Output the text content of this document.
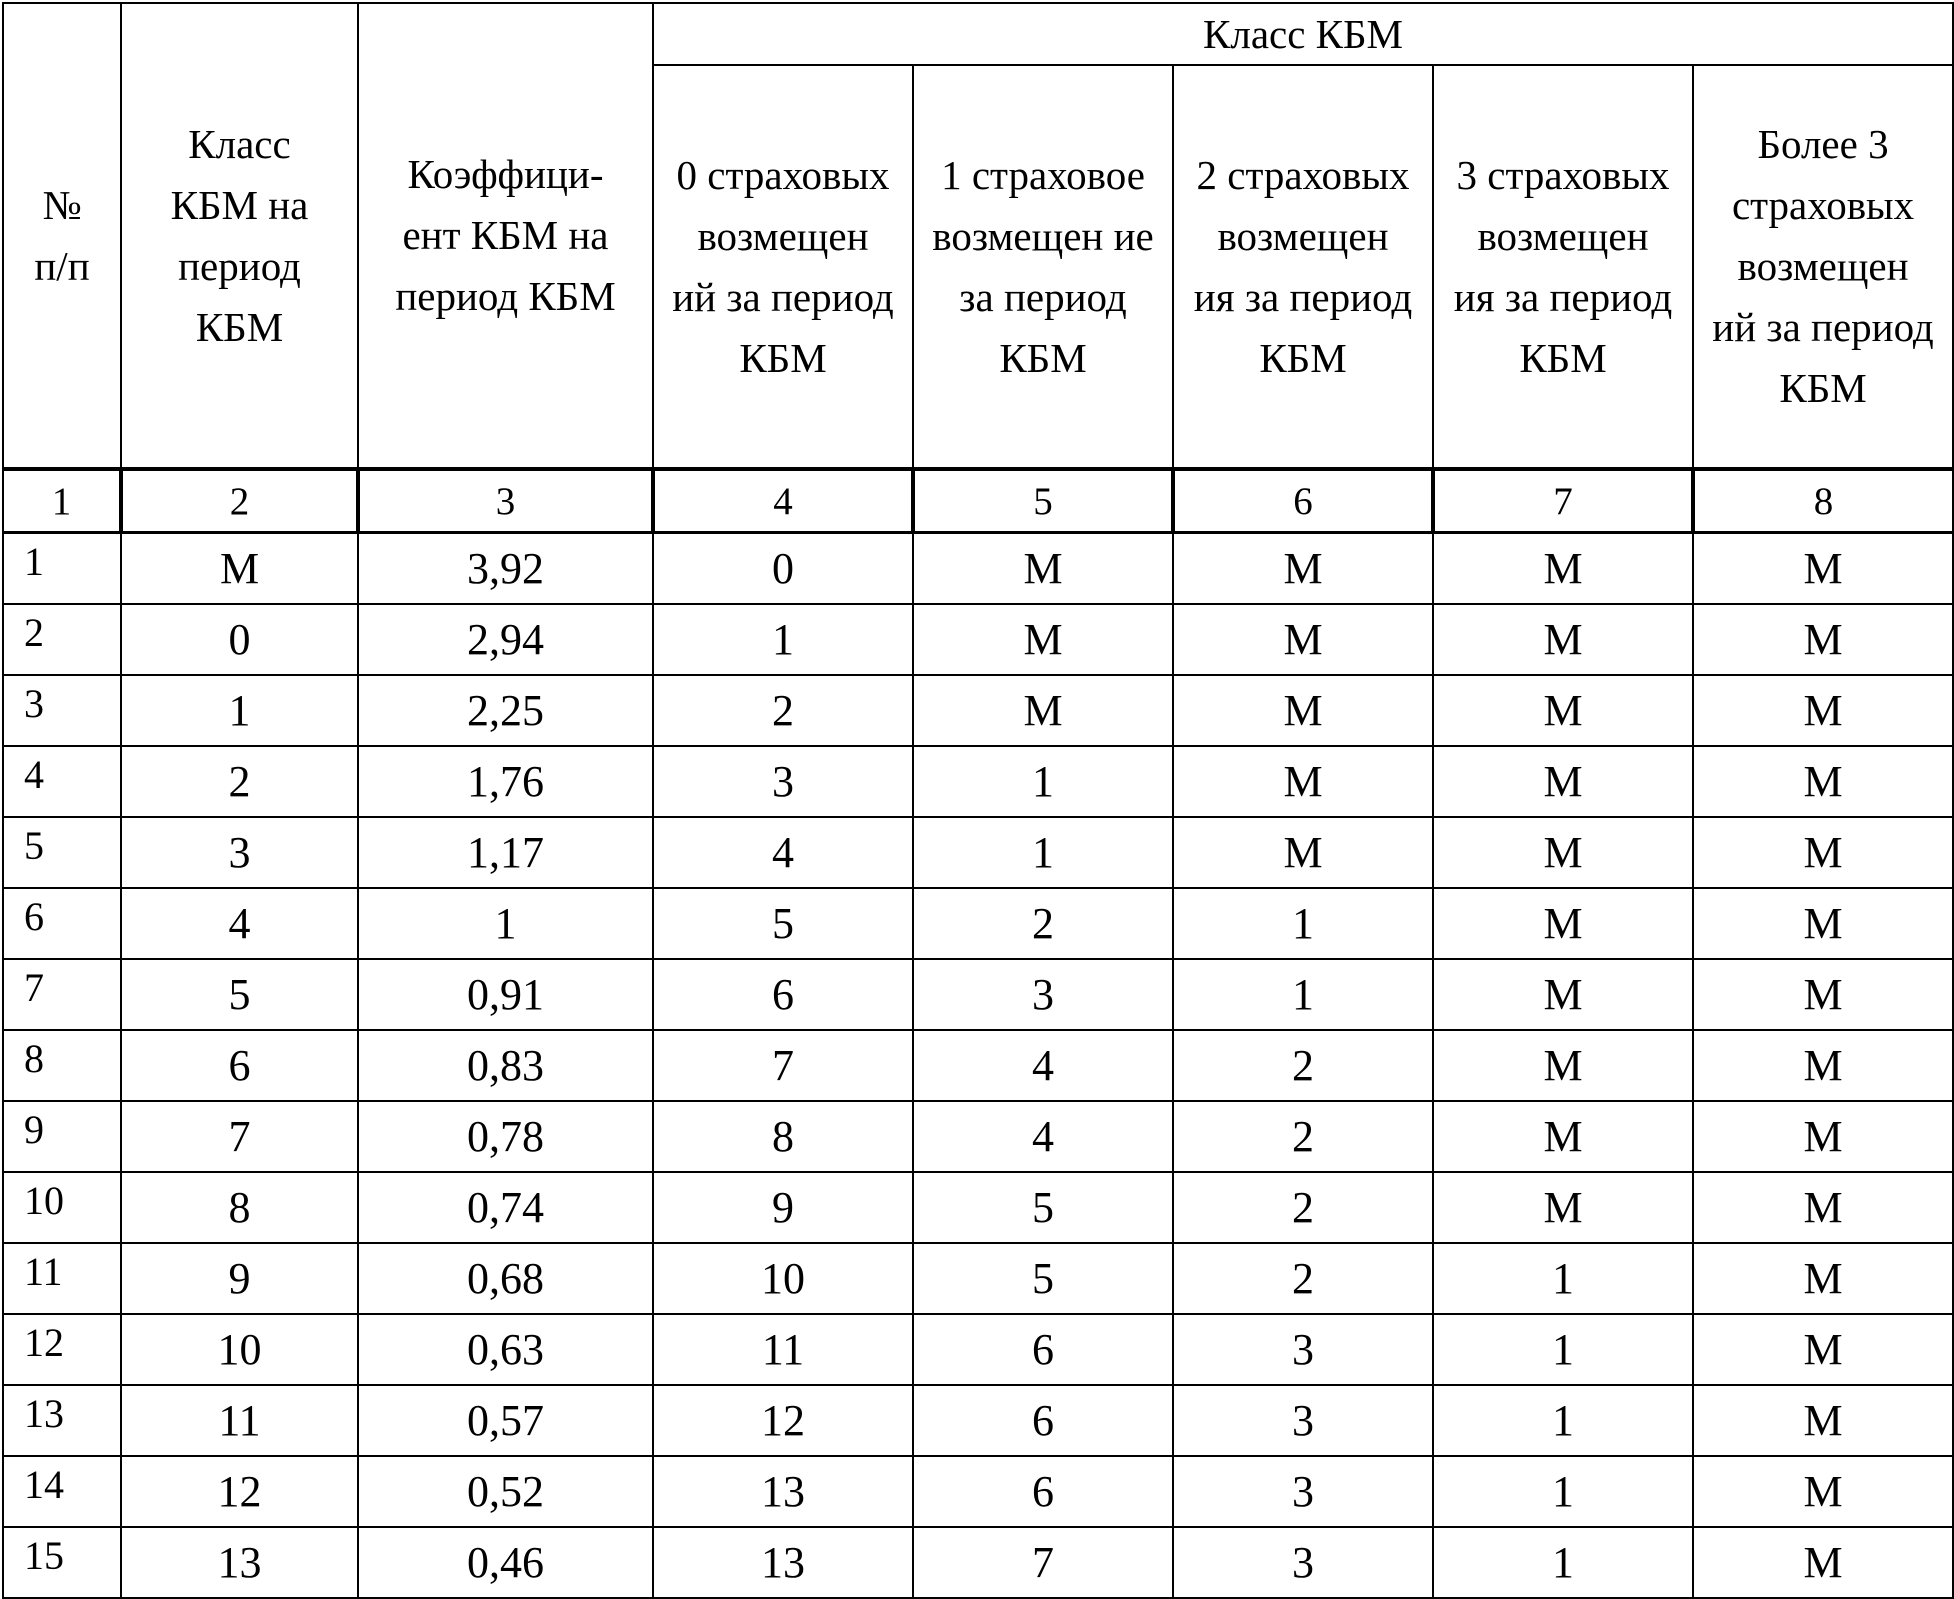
№ п/п	Класс КБМ на период КБМ	Коэффици-ент КБМ на период КБМ	Класс КБМ				

			0 страховых возмещен ий за период КБМ	1 страховое возмещен ие за период КБМ	2 страховых возмещен ия за период КБМ	3 страховых возмещен ия за период КБМ	Более 3 страховых возмещен ий за период КБМ

1	2	3	4	5	6	7	8
1	М	3,92	0	М	М	М	М
2	0	2,94	1	М	М	М	М
3	1	2,25	2	М	М	М	М
4	2	1,76	3	1	М	М	М
5	3	1,17	4	1	М	М	М
6	4	1	5	2	1	М	М
7	5	0,91	6	3	1	М	М
8	6	0,83	7	4	2	М	М
9	7	0,78	8	4	2	М	М
10	8	0,74	9	5	2	М	М
11	9	0,68	10	5	2	1	М
12	10	0,63	11	6	3	1	М
13	11	0,57	12	6	3	1	М
14	12	0,52	13	6	3	1	М
15	13	0,46	13	7	3	1	М
